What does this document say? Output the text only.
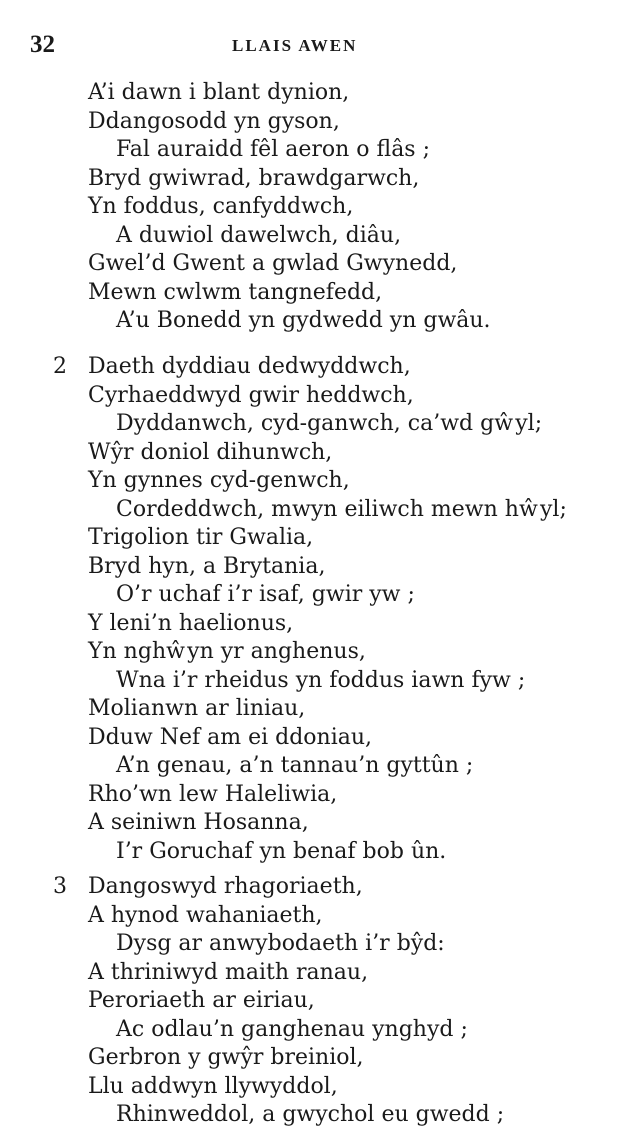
32	LLAIS AWEN
A’i dawn i blant dynion,
Ddangosodd yn gyson,
Fal auraidd fêl aeron o flâs ;
Bryd gwiwrad, brawdgarwch,
Yn foddus, canfyddwch,
A duwiol dawelwch, diâu,
Gwel’d Gwent a gwlad Gwynedd,
Mewn cwlwm tangnefedd,
A’u Bonedd yn gydwedd yn gwâu.
2 Daeth dyddiau dedwyddwch,
Cyrhaeddwyd gwir heddwch,
Dyddanwch, cyd-ganwch, ca’wd gŵyl;
Wŷr doniol dihunwch,
Yn gynnes cyd-genwch,
Cordeddwch, mwyn eiliwch mewn hŵyl;
Trigolion tir Gwalia,
Bryd hyn, a Brytania,
O’r uchaf i’r isaf, gwir yw ;
Y leni’n haelionus,
Yn nghŵyn yr anghenus,
Wna i’r rheidus yn foddus iawn fyw ;
Molianwn ar liniau,
Dduw Nef am ei ddoniau,
A’n genau, a’n tannau’n gyttûn ;
Rho’wn lew Haleliwia,
A seiniwn Hosanna,
I’r Goruchaf yn benaf bob ûn.
3 Dangoswyd rhagoriaeth,
A hynod wahaniaeth,
Dysg ar anwybodaeth i’r bŷd:
A thriniwyd maith ranau,
Peroriaeth ar eiriau,
Ac odlau’n ganghenau ynghyd ;
Gerbron y gwŷr breiniol,
Llu addwyn llywyddol,
Rhinweddol, a gwychol eu gwedd ;
